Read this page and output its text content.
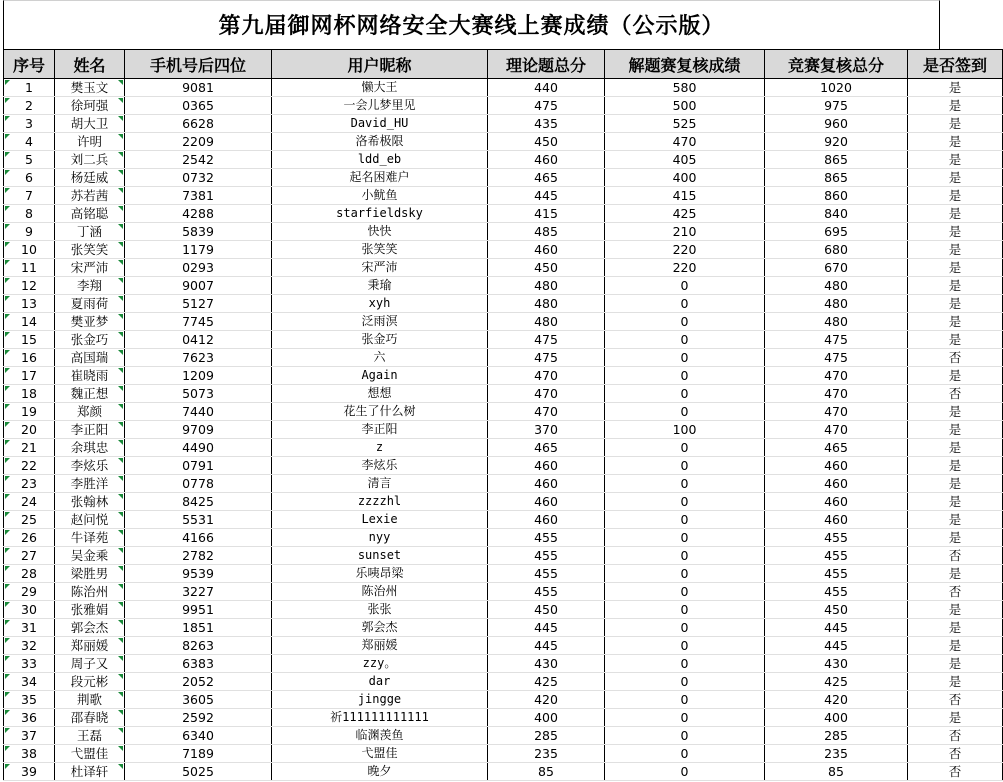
第九届御网杯网络安全大赛线上赛成绩（公示版）
序号	姓名	手机号后四位	用户昵称	理论题总分	解题赛复核成绩	竞赛复核总分	是否签到

1	樊玉文	9081	懒大王	440	580	1020	是

2	徐珂强	0365	一会儿梦里见	475	500	975	是

3	胡大卫	6628	David_HU	435	525	960	是

4	许明	2209	洛希极限	450	470	920	是

5	刘二兵	2542	ldd_eb	460	405	865	是

6	杨廷威	0732	起名困难户	465	400	865	是

7	苏若茜	7381	小鱿鱼	445	415	860	是

8	高铭聪	4288	starfieldsky	415	425	840	是

9	丁涵	5839	快快	485	210	695	是

10	张笑笑	1179	张笑笑	460	220	680	是

11	宋严沛	0293	宋严沛	450	220	670	是

12	李翔	9007	秉瑜	480	0	480	是

13	夏雨荷	5127	xyh	480	0	480	是

14	樊亚梦	7745	泛雨溟	480	0	480	是

15	张金巧	0412	张金巧	475	0	475	是

16	高国瑞	7623	六	475	0	475	否

17	崔晓雨	1209	Again	470	0	470	是

18	魏正想	5073	想想	470	0	470	否

19	郑颜	7440	花生了什么树	470	0	470	是

20	李正阳	9709	李正阳	370	100	470	是

21	余琪忠	4490	z	465	0	465	是

22	李炫乐	0791	李炫乐	460	0	460	是

23	李胜洋	0778	清言	460	0	460	是

24	张翰林	8425	zzzzhl	460	0	460	是

25	赵问悦	5531	Lexie	460	0	460	是

26	牛译苑	4166	nyy	455	0	455	是

27	吴金乘	2782	sunset	455	0	455	否

28	梁胜男	9539	乐咦昂梁	455	0	455	是

29	陈治州	3227	陈治州	455	0	455	否

30	张雅娟	9951	张张	450	0	450	是

31	郭会杰	1851	郭会杰	445	0	445	是

32	郑丽媛	8263	郑丽媛	445	0	445	是

33	周子又	6383	zzy。	430	0	430	是

34	段元彬	2052	dar	425	0	425	是

35	荆歌	3605	jingge	420	0	420	否

36	邵春晓	2592	祈111111111111	400	0	400	是

37	王磊	6340	临渊羡鱼	285	0	285	否

38	弋盟佳	7189	弋盟佳	235	0	235	否

39	杜译轩	5025	晚夕	85	0	85	否
